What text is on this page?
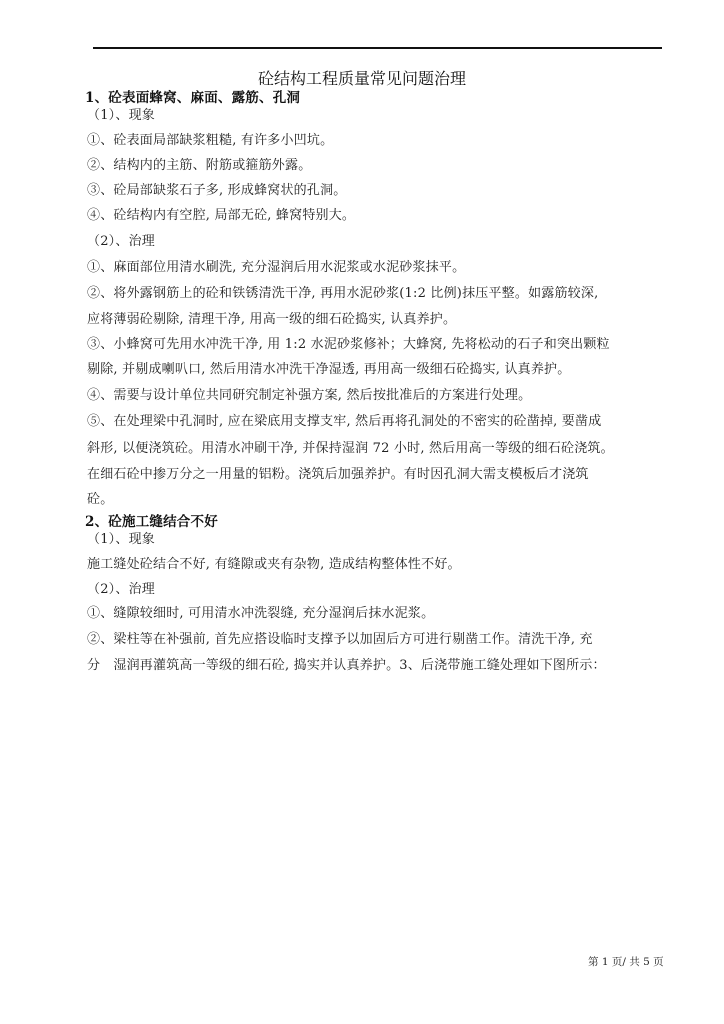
砼结构工程质量常见问题治理
1、砼表面蜂窝、麻面、露筋、孔洞
（1）、现象
①、砼表面局部缺浆粗糙, 有许多小凹坑。
②、结构内的主筋、附筋或箍筋外露。
③、砼局部缺浆石子多, 形成蜂窝状的孔洞。
④、砼结构内有空腔, 局部无砼, 蜂窝特别大。
（2）、治理
①、麻面部位用清水刷洗, 充分湿润后用水泥浆或水泥砂浆抹平。
②、将外露钢筋上的砼和铁锈清洗干净, 再用水泥砂浆(1:2 比例)抹压平整。如露筋较深,
应将薄弱砼剔除, 清理干净, 用高一级的细石砼捣实, 认真养护。
③、小蜂窝可先用水冲洗干净, 用 1:2 水泥砂浆修补；大蜂窝, 先将松动的石子和突出颗粒
剔除, 并剔成喇叭口, 然后用清水冲洗干净湿透, 再用高一级细石砼捣实, 认真养护。
④、需要与设计单位共同研究制定补强方案, 然后按批准后的方案进行处理。
⑤、在处理梁中孔洞时, 应在梁底用支撑支牢, 然后再将孔洞处的不密实的砼凿掉, 要凿成
斜形, 以便浇筑砼。用清水冲刷干净, 并保持湿润 72 小时, 然后用高一等级的细石砼浇筑。
在细石砼中掺万分之一用量的铝粉。浇筑后加强养护。有时因孔洞大需支模板后才浇筑
砼。
2、砼施工缝结合不好
（1）、现象
施工缝处砼结合不好, 有缝隙或夹有杂物, 造成结构整体性不好。
（2）、治理
①、缝隙较细时, 可用清水冲洗裂缝, 充分湿润后抹水泥浆。
②、梁柱等在补强前, 首先应搭设临时支撑予以加固后方可进行剔凿工作。清洗干净, 充
分　湿润再灌筑高一等级的细石砼, 捣实并认真养护。3、后浇带施工缝处理如下图所示：
第 1 页/ 共 5 页
